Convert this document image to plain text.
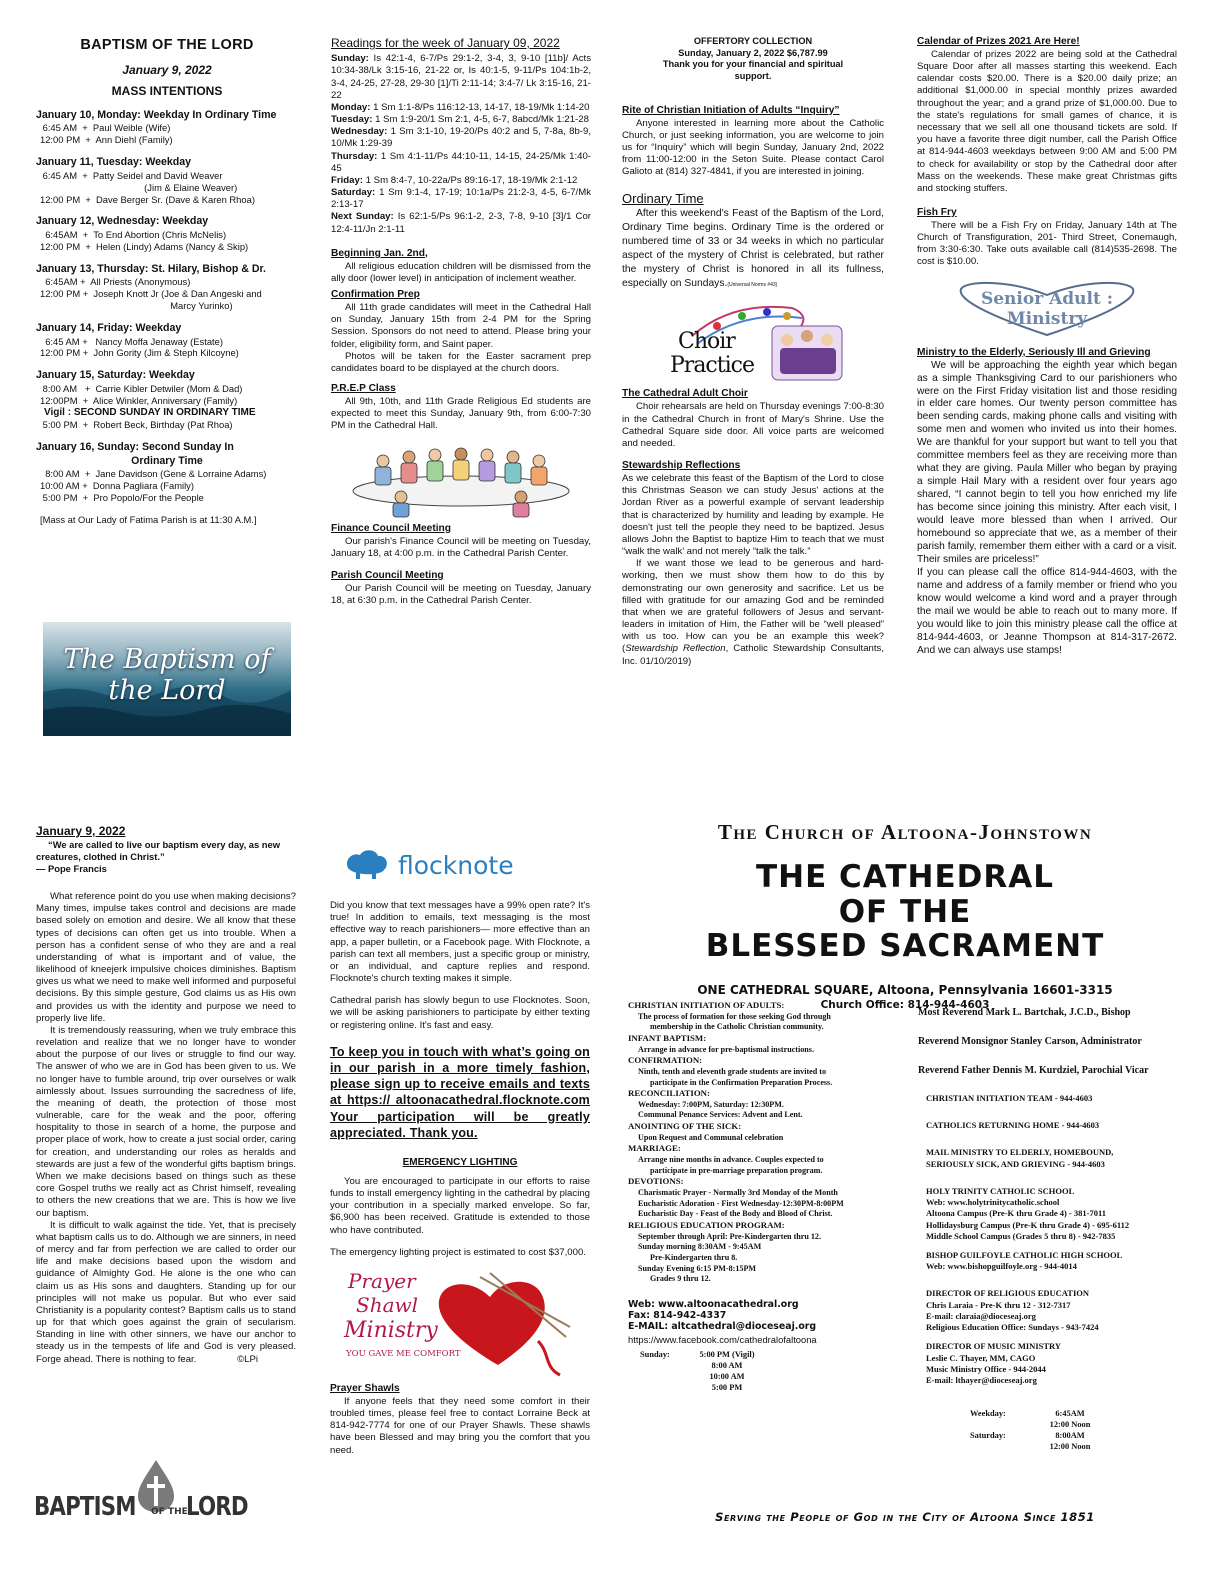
BAPTISM OF THE LORD
January 9, 2022
MASS INTENTIONS
January 10, Monday: Weekday In Ordinary Time
6:45 AM  +  Paul Weible (Wife)
12:00 PM  +  Ann Diehl (Family)
January 11, Tuesday: Weekday
6:45 AM  +  Patty Seidel and David Weaver
(Jim & Elaine Weaver)
12:00 PM  +  Dave Berger Sr. (Dave & Karen Rhoa)
January 12, Wednesday: Weekday
6:45AM  +  To End Abortion (Chris McNelis)
12:00 PM  +  Helen (Lindy) Adams (Nancy & Skip)
January 13, Thursday: St. Hilary, Bishop & Dr.
6:45AM +  All Priests (Anonymous)
12:00 PM +  Joseph Knott Jr (Joe & Dan Angeski and
Marcy Yurinko)
January 14, Friday: Weekday
6:45 AM +   Nancy Moffa Jenaway (Estate)
12:00 PM +  John Gority (Jim & Steph Kilcoyne)
January 15, Saturday: Weekday
8:00 AM   +  Carrie Kibler Detwiler (Mom & Dad)
12:00PM  +  Alice Winkler, Anniversary (Family)
Vigil : SECOND SUNDAY IN ORDINARY TIME
5:00 PM  +  Robert Beck, Birthday (Pat Rhoa)
January 16, Sunday: Second Sunday In
Ordinary Time
8:00 AM  +  Jane Davidson (Gene & Lorraine Adams)
10:00 AM +  Donna Pagliara (Family)
5:00 PM  +  Pro Popolo/For the People
[Mass at Our Lady of Fatima Parish is at 11:30 A.M.]
The Baptism of the Lord
Readings for the week of January 09, 2022

Sunday: Is 42:1-4, 6-7/Ps 29:1-2, 3-4, 3, 9-10 [11b]/ Acts 10:34-38/Lk 3:15-16, 21-22 or, Is 40:1-5, 9-11/Ps 104:1b-2, 3-4, 24-25, 27-28, 29-30 [1]/Ti 2:11-14; 3:4-7/ Lk 3:15-16, 21-22

Monday: 1 Sm 1:1-8/Ps 116:12-13, 14-17, 18-19/Mk 1:14-20

Tuesday: 1 Sm 1:9-20/1 Sm 2:1, 4-5, 6-7, 8abcd/Mk 1:21-28

Wednesday: 1 Sm 3:1-10, 19-20/Ps 40:2 and 5, 7-8a, 8b-9, 10/Mk 1:29-39

Thursday: 1 Sm 4:1-11/Ps 44:10-11, 14-15, 24-25/Mk 1:40-45

Friday: 1 Sm 8:4-7, 10-22a/Ps 89:16-17, 18-19/Mk 2:1-12

Saturday: 1 Sm 9:1-4, 17-19; 10:1a/Ps 21:2-3, 4-5, 6-7/Mk 2:13-17

Next Sunday: Is 62:1-5/Ps 96:1-2, 2-3, 7-8, 9-10 [3]/1 Cor 12:4-11/Jn 2:1-11

Beginning Jan. 2nd,

All religious education children will be dismissed from the ally door (lower level) in anticipation of inclement weather.

Confirmation Prep

All 11th grade candidates will meet in the Cathedral Hall on Sunday, January 15th from 2-4 PM for the Spring Session. Sponsors do not need to attend. Please bring your folder, eligibility form, and Saint paper.

Photos will be taken for the Easter sacrament prep candidates board to be displayed at the church doors.

P.R.E.P Class

All 9th, 10th, and 11th Grade Religious Ed students are expected to meet this Sunday, January 9th, from 6:00-7:30 PM in the Cathedral Hall.

Finance Council Meeting

Our parish's Finance Council will be meeting on Tuesday, January 18, at 4:00 p.m. in the Cathedral Parish Center.

Parish Council Meeting

Our Parish Council will be meeting on Tuesday, January 18, at 6:30 p.m. in the Cathedral Parish Center.

OFFERTORY COLLECTION
Sunday, January 2, 2022 $6,787.99
Thank you for your financial and spiritual support.
Rite of Christian Initiation of Adults “Inquiry”

Anyone interested in learning more about the Catholic Church, or just seeking information, you are welcome to join us for “Inquiry” which will begin Sunday, January 2nd, 2022 from 11:00-12:00 in the Seton Suite. Please contact Carol Galioto at (814) 327-4841, if you are interested in joining.

Ordinary Time

After this weekend’s Feast of the Baptism of the Lord, Ordinary Time begins. Ordinary Time is the ordered or numbered time of 33 or 34 weeks in which no particular aspect of the mystery of Christ is celebrated, but rather the mystery of Christ is honored in all its fullness, especially on Sundays.(Universal Norms #43)

Choir
Practice
The Cathedral Adult Choir

Choir rehearsals are held on Thursday evenings 7:00-8:30 in the Cathedral Church in front of Mary's Shrine. Use the Cathedral Square side door. All voice parts are welcomed and needed.

Stewardship Reflections

As we celebrate this feast of the Baptism of the Lord to close this Christmas Season we can study Jesus' actions at the Jordan River as a powerful example of servant leadership that is characterized by humility and leading by example. He doesn't just tell the people they need to be baptized. Jesus allows John the Baptist to baptize Him to teach that we must “walk the walk’ and not merely “talk the talk.”

If we want those we lead to be generous and hard-working, then we must show them how to do this by demonstrating our own generosity and sacrifice. Let us be filled with gratitude for our amazing God and be reminded that when we are grateful followers of Jesus and servant-leaders in imitation of Him, the Father will be “well pleased” with us too. How can you be an example this week? (Stewardship Reflection, Catholic Stewardship Consultants, Inc. 01/10/2019)

Calendar of Prizes 2021 Are Here!

Calendar of prizes 2022 are being sold at the Cathedral Square Door after all masses starting this weekend. Each calendar costs $20.00. There is a $20.00 daily prize; an additional $1,000.00 in special monthly prizes awarded throughout the year; and a grand prize of $1,000.00. Due to the state's regulations for small games of chance, it is necessary that we sell all one thousand tickets are sold. If you have a favorite three digit number, call the Parish Office at 814-944-4603 weekdays between 9:00 AM and 5:00 PM to check for availability or stop by the Cathedral door after Mass on the weekends. These make great Christmas gifts and stocking stuffers.

Fish Fry

There will be a Fish Fry on Friday, January 14th at The Church of Transfiguration, 201- Third Street, Conemaugh, from 3:30-6:30. Take outs available call (814)535-2698. The cost is $10.00.

Senior Adult :
Ministry
Ministry to the Elderly, Seriously Ill and Grieving

We will be approaching the eighth year which began as a simple Thanksgiving Card to our parishioners who were on the First Friday visitation list and those residing in elder care homes. Our twenty person committee has been sending cards, making phone calls and visiting with some men and women who invited us into their homes. We are thankful for your support but want to tell you that committee members feel as they are receiving more than what they are giving. Paula Miller who began by praying a simple Hail Mary with a resident over four years ago shared, “I cannot begin to tell you how enriched my life has become since joining this ministry. After each visit, I would leave more blessed than when I arrived. Our homebound so appreciate that we, as a member of their parish family, remember them either with a card or a visit. Their smiles are priceless!”

If you can please call the office 814-944-4603, with the name and address of a family member or friend who you know would welcome a kind word and a prayer through the mail we would be able to reach out to many more. If you would like to join this ministry please call the office at 814-944-4603, or Jeanne Thompson at 814-317-2672. And we can always use stamps!

January 9, 2022
“We are called to live our baptism every day, as new creatures, clothed in Christ.”
— Pope Francis

What reference point do you use when making decisions? Many times, impulse takes control and decisions are made based solely on emotion and desire. We all know that these types of decisions can often get us into trouble. When a person has a confident sense of who they are and a real understanding of what is important and of value, the likelihood of kneejerk impulsive choices diminishes. Baptism gives us what we need to make well informed and purposeful decisions. By this simple gesture, God claims us as His own and provides us with the identity and purpose we need to properly live life.

It is tremendously reassuring, when we truly embrace this revelation and realize that we no longer have to wonder about the purpose of our lives or struggle to find our way. The answer of who we are in God has been given to us. We no longer have to fumble around, trip over ourselves or walk aimlessly about. Issues surrounding the sacredness of life, the meaning of death, the protection of those most vulnerable, care for the weak and the poor, offering hospitality to those in search of a home, the purpose and proper place of work, how to create a just social order, caring for creation, and understanding our roles as heralds and stewards are just a few of the wonderful gifts baptism brings. When we make decisions based on things such as these core Gospel truths we really act as Christ himself, revealing to others the new creations that we are. This is how we live our baptism.

It is difficult to walk against the tide. Yet, that is precisely what baptism calls us to do. Although we are sinners, in need of mercy and far from perfection we are called to order our life and make decisions based upon the wisdom and guidance of Almighty God. He alone is the one who can claim us as His sons and daughters. Standing up for our principles will not make us popular. But who ever said Christianity is a popularity contest? Baptism calls us to stand up for that which goes against the grain of secularism. Standing in line with other sinners, we have our anchor to steady us in the tempests of life and God is very pleased. Forge ahead. There is nothing to fear.	©LPi
BAPTISM OF THE
LORD
flocknote

Did you know that text messages have a 99% open rate? It's true! In addition to emails, text messaging is the most effective way to reach parishioners— more effective than an app, a paper bulletin, or a Facebook page. With Flocknote, a parish can text all members, just a specific group or ministry, or an individual, and capture replies and respond. Flocknote's church texting makes it simple.

Cathedral parish has slowly begun to use Flocknotes. Soon, we will be asking parishioners to participate by either texting or registering online. It's fast and easy.

To keep you in touch with what’s going on in our parish in a more timely fashion, please sign up to receive emails and texts at https:// altoonacathedral.flocknote.com Your participation will be greatly appreciated. Thank you.

EMERGENCY LIGHTING

You are encouraged to participate in our efforts to raise funds to install emergency lighting in the cathedral by placing your contribution in a specially marked envelope. So far, $6,900 has been received. Gratitude is extended to those who have contributed.

The emergency lighting project is estimated to cost $37,000.

Prayer
Shawl
Ministry
YOU GAVE ME COMFORT
Prayer Shawls

If anyone feels that they need some comfort in their troubled times, please feel free to contact Lorraine Beck at 814-942-7774 for one of our Prayer Shawls. These shawls have been Blessed and may bring you the comfort that you need.

The Church of Altoona-Johnstown
THE CATHEDRAL
OF THE
BLESSED SACRAMENT
ONE CATHEDRAL SQUARE, Altoona, Pennsylvania 16601-3315
Church Office: 814-944-4603
CHRISTIAN INITIATION OF ADULTS:
The process of formation for those seeking God through
membership in the Catholic Christian community.
INFANT BAPTISM:
Arrange in advance for pre-baptismal instructions.
CONFIRMATION:
Ninth, tenth and eleventh grade students are invited to
participate in the Confirmation Preparation Process.
RECONCILIATION:
Wednesday: 7:00PM, Saturday: 12:30PM.
Communal Penance Services: Advent and Lent.
ANOINTING OF THE SICK:
Upon Request and Communal celebration
MARRIAGE:
Arrange nine months in advance. Couples expected to
participate in pre-marriage preparation program.
DEVOTIONS:
Charismatic Prayer - Normally 3rd Monday of the Month
Eucharistic Adoration - First Wednesday-12:30PM-8:00PM
Eucharistic Day - Feast of the Body and Blood of Christ.
RELIGIOUS EDUCATION PROGRAM:
September through April: Pre-Kindergarten thru 12.
Sunday morning 8:30AM - 9:45AM
Pre-Kindergarten thru 8.
Sunday Evening 6:15 PM-8:15PM
Grades 9 thru 12.
Web: www.altoonacathedral.org
Fax: 814-942-4337
E-MAIL: altcathedral@dioceseaj.org
https://www.facebook.com/cathedralofaltoona
Sunday:	5:00 PM (Vigil)
8:00 AM
10:00 AM
5:00 PM
Most Reverend Mark L. Bartchak, J.C.D., Bishop
Reverend Monsignor Stanley Carson, Administrator
Reverend Father Dennis M. Kurdziel, Parochial Vicar
CHRISTIAN INITIATION TEAM - 944-4603
CATHOLICS RETURNING HOME - 944-4603
MAIL MINISTRY TO ELDERLY, HOMEBOUND,
SERIOUSLY SICK, AND GRIEVING - 944-4603
HOLY TRINITY CATHOLIC SCHOOL
Web: www.holytrinitycatholic.school
Altoona Campus (Pre-K thru Grade 4) - 381-7011
Hollidaysburg Campus (Pre-K thru Grade 4) - 695-6112
Middle School Campus (Grades 5 thru 8) - 942-7835
BISHOP GUILFOYLE CATHOLIC HIGH SCHOOL
Web: www.bishopguilfoyle.org - 944-4014
DIRECTOR OF RELIGIOUS EDUCATION
Chris Laraia - Pre-K thru 12 - 312-7317
E-mail: claraia@dioceseaj.org
Religious Education Office: Sundays - 943-7424
DIRECTOR OF MUSIC MINISTRY
Leslie C. Thayer, MM, CAGO
Music Ministry Office - 944-2044
E-mail: lthayer@dioceseaj.org
Weekday:

Saturday:
6:45AM
12:00 Noon
8:00AM
12:00 Noon
Serving the People of God in the City of Altoona Since 1851
